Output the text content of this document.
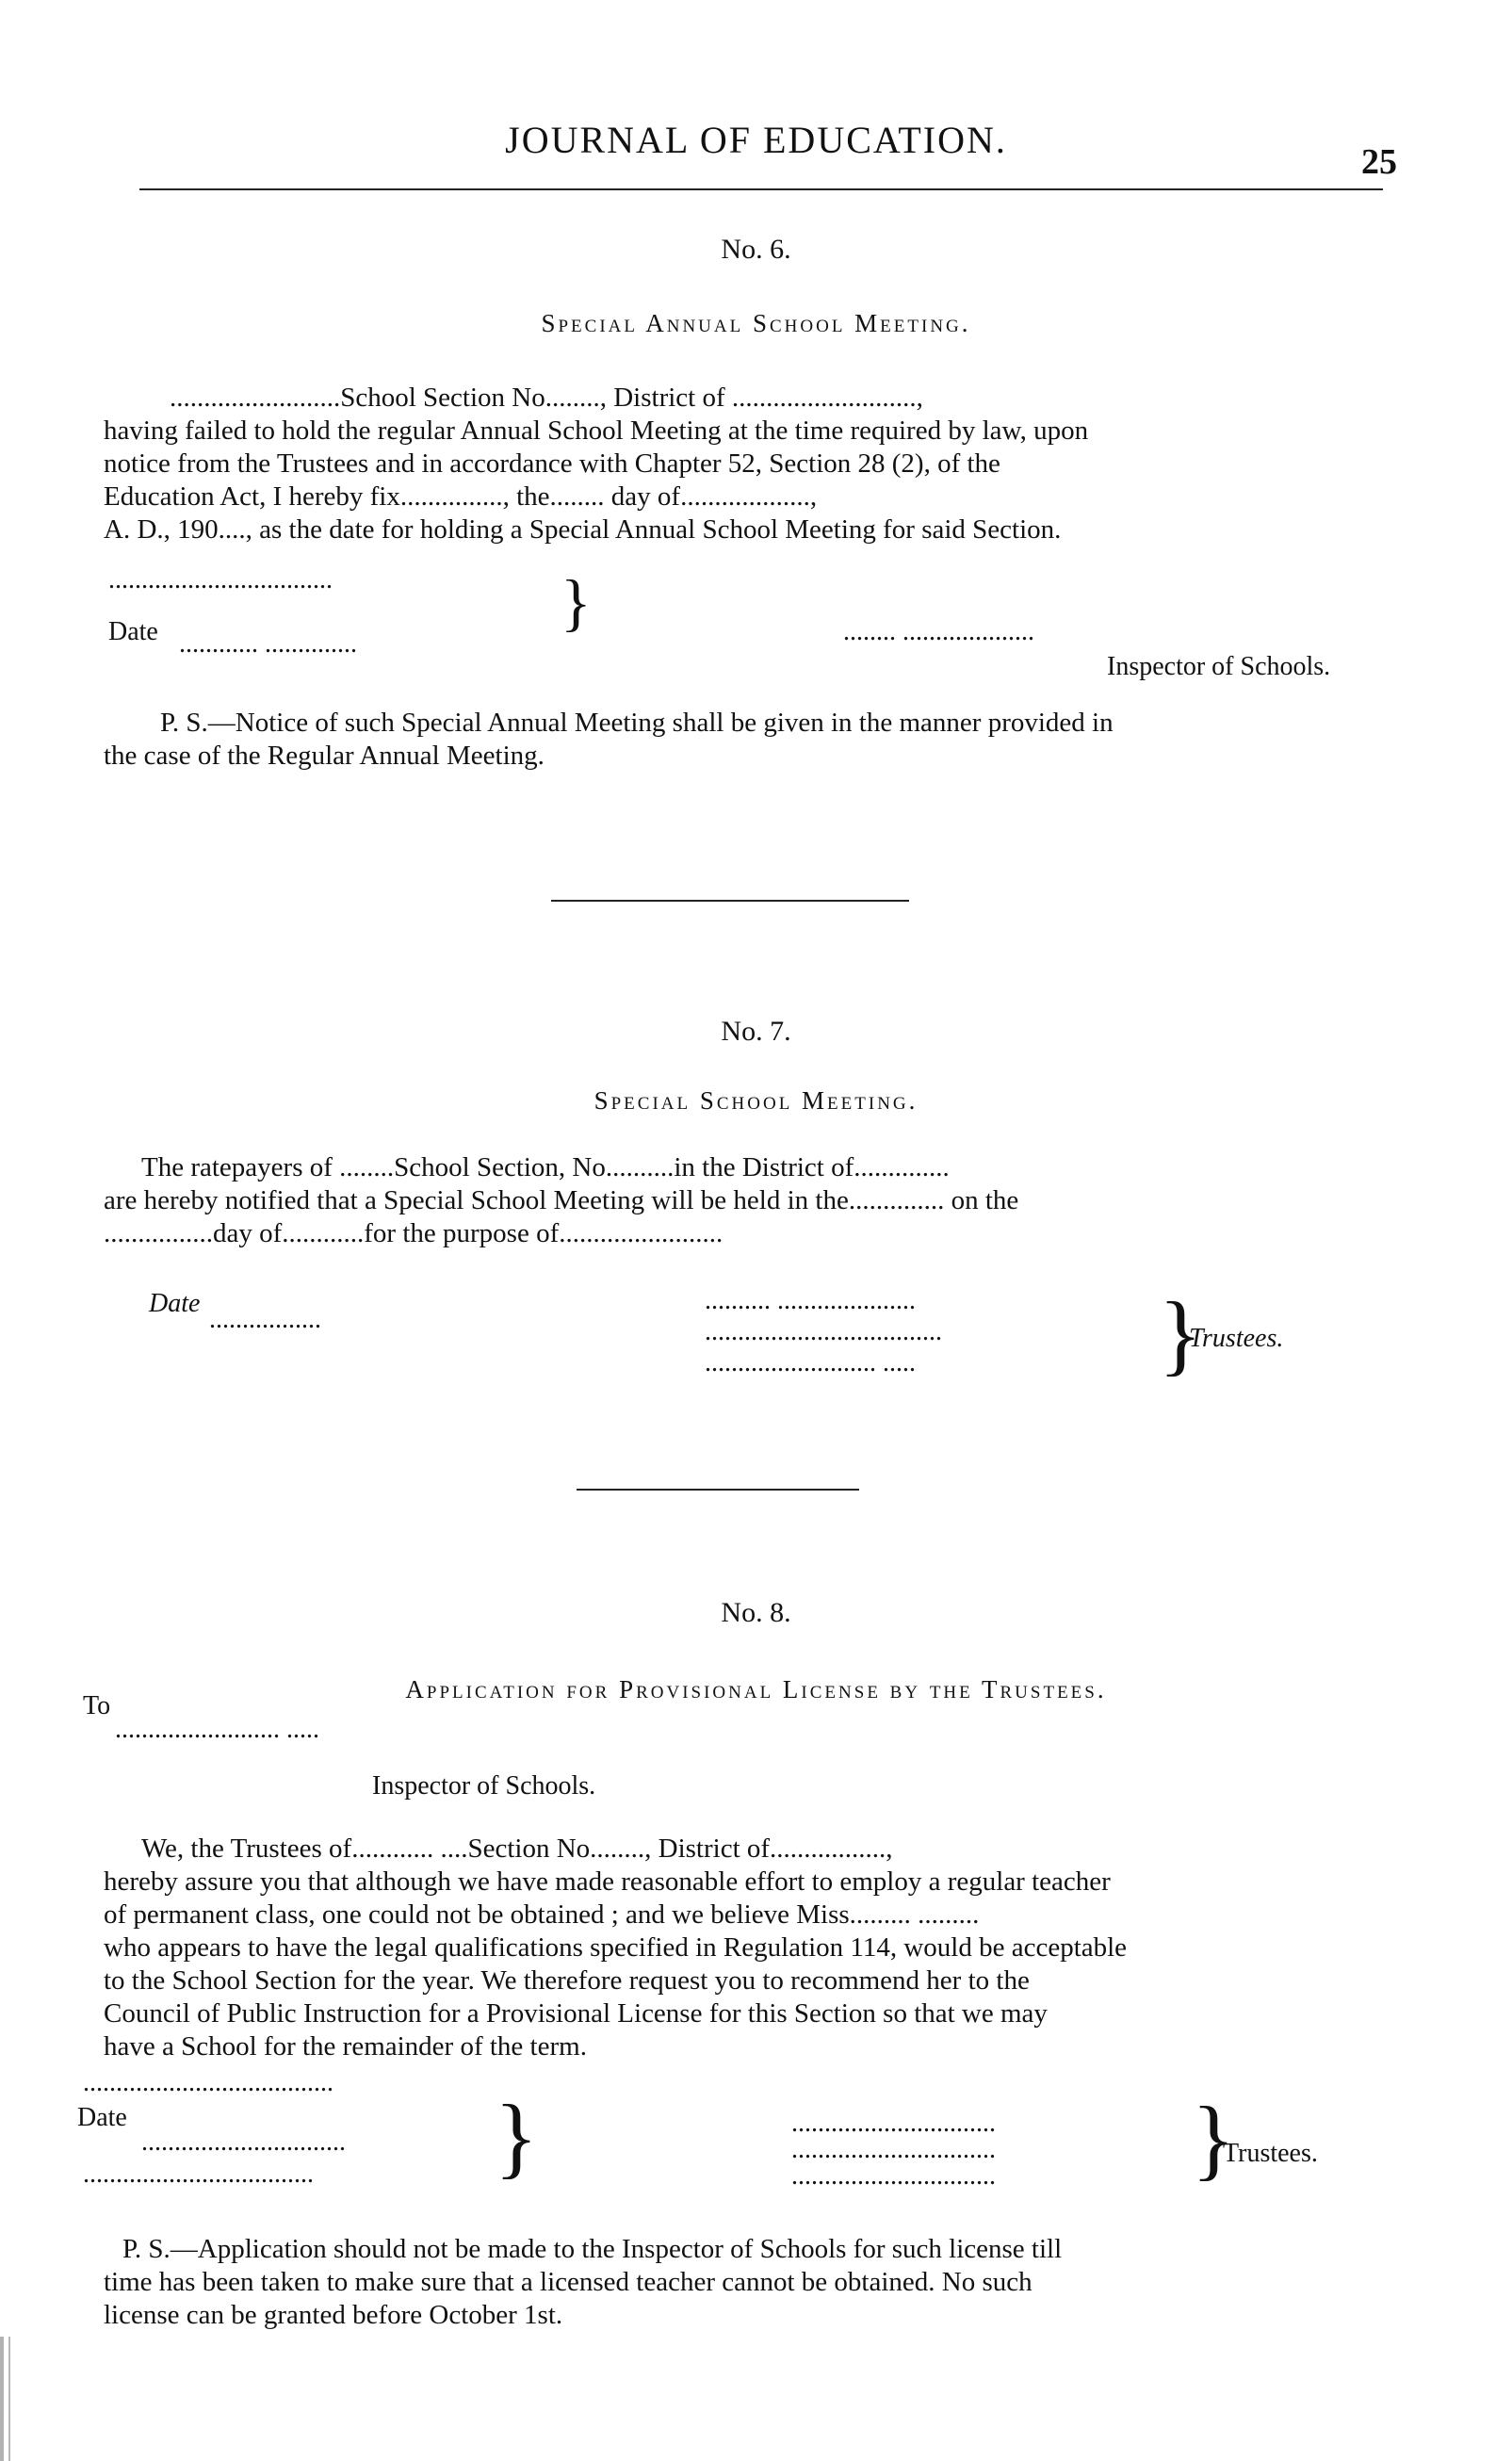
JOURNAL OF EDUCATION.
25
No. 6.
Special Annual School Meeting.
.........................School Section No........, District of ...........................,
having failed to hold the regular Annual School Meeting at the time required by law, upon
notice from the Trustees and in accordance with Chapter 52, Section 28 (2), of the
Education Act, I hereby fix..............., the........ day of...................,
A. D., 190...., as the date for holding a Special Annual School Meeting for said Section.
..................................	}
Date ............ ..............	........ ....................
Inspector of Schools.
P. S.—Notice of such Special Annual Meeting shall be given in the manner provided in
the case of the Regular Annual Meeting.
No. 7.
Special School Meeting.
The ratepayers of ........School Section, No..........in the District of..............
are hereby notified that a Special School Meeting will be held in the.............. on the
................day of............for the purpose of........................
Date
.................
.......... .....................
....................................
.......................... .....	}
Trustees.
No. 8.
Application for Provisional License by the Trustees.
To
......................... .....
Inspector of Schools.
We, the Trustees of............ ....Section No........, District of.................,
hereby assure you that although we have made reasonable effort to employ a regular teacher
of permanent class, one could not be obtained ; and we believe Miss......... .........
who appears to have the legal qualifications specified in Regulation 114, would be acceptable
to the School Section for the year. We therefore request you to recommend her to the
Council of Public Instruction for a Provisional License for this Section so that we may
have a School for the remainder of the term.
......................................
Date
...............................
................................... }	...............................
...............................
............................... }
Trustees.
P. S.—Application should not be made to the Inspector of Schools for such license till
time has been taken to make sure that a licensed teacher cannot be obtained. No such
license can be granted before October 1st.
